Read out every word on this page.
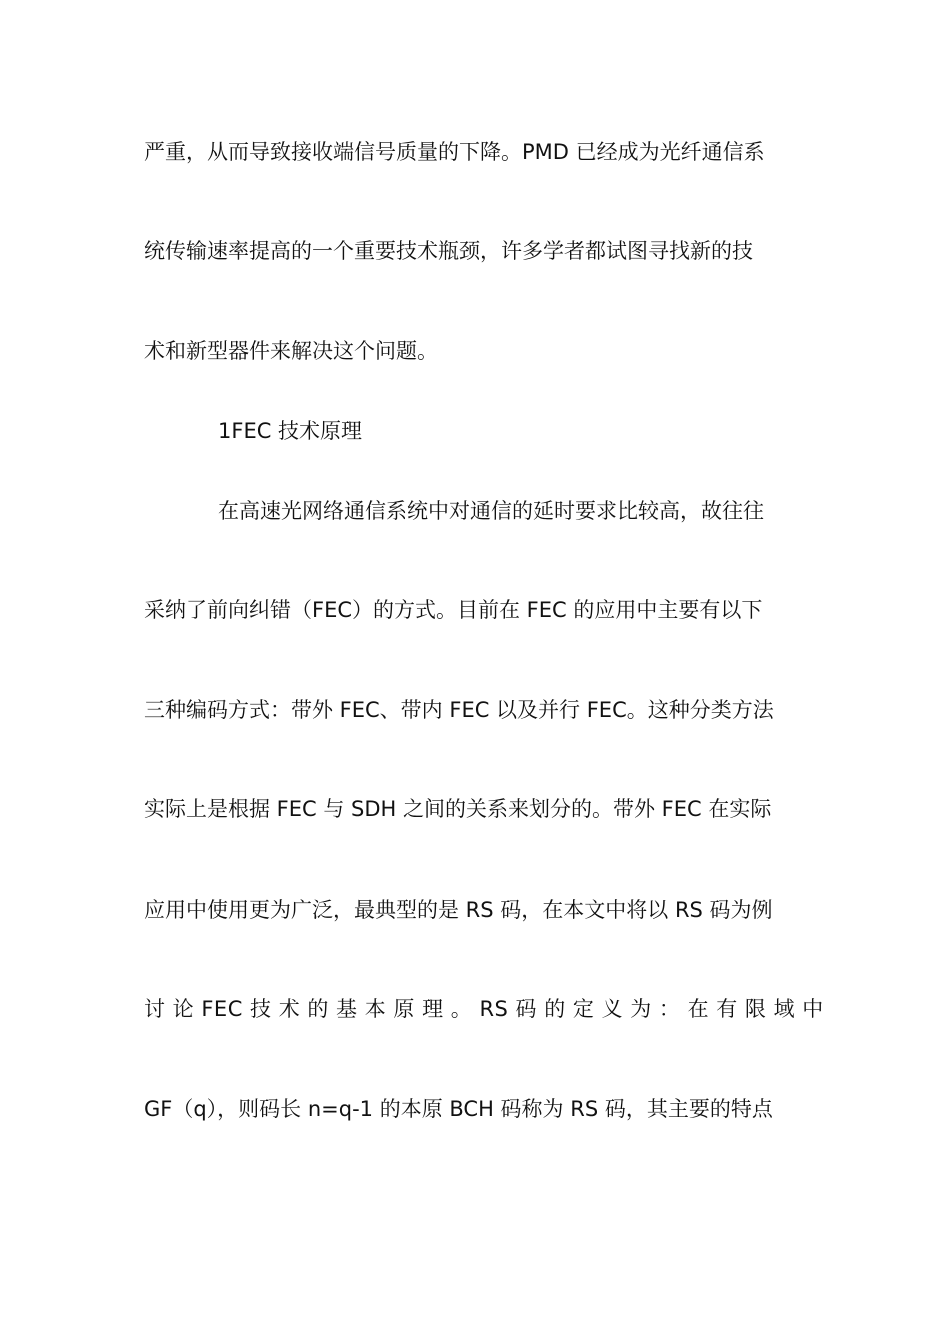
严重，从而导致接收端信号质量的下降。PMD 已经成为光纤通信系
统传输速率提高的一个重要技术瓶颈，许多学者都试图寻找新的技
术和新型器件来解决这个问题。
1FEC 技术原理
在高速光网络通信系统中对通信的延时要求比较高，故往往
采纳了前向纠错（FEC）的方式。目前在 FEC 的应用中主要有以下
三种编码方式：带外 FEC、带内 FEC 以及并行 FEC。这种分类方法
实际上是根据 FEC 与 SDH 之间的关系来划分的。带外 FEC 在实际
应用中使用更为广泛，最典型的是 RS 码，在本文中将以 RS 码为例
讨 论 FEC 技 术 的 基 本 原 理 。 RS 码 的 定 义 为 ： 在 有 限 域 中
GF（q），则码长 n=q-1 的本原 BCH 码称为 RS 码，其主要的特点
